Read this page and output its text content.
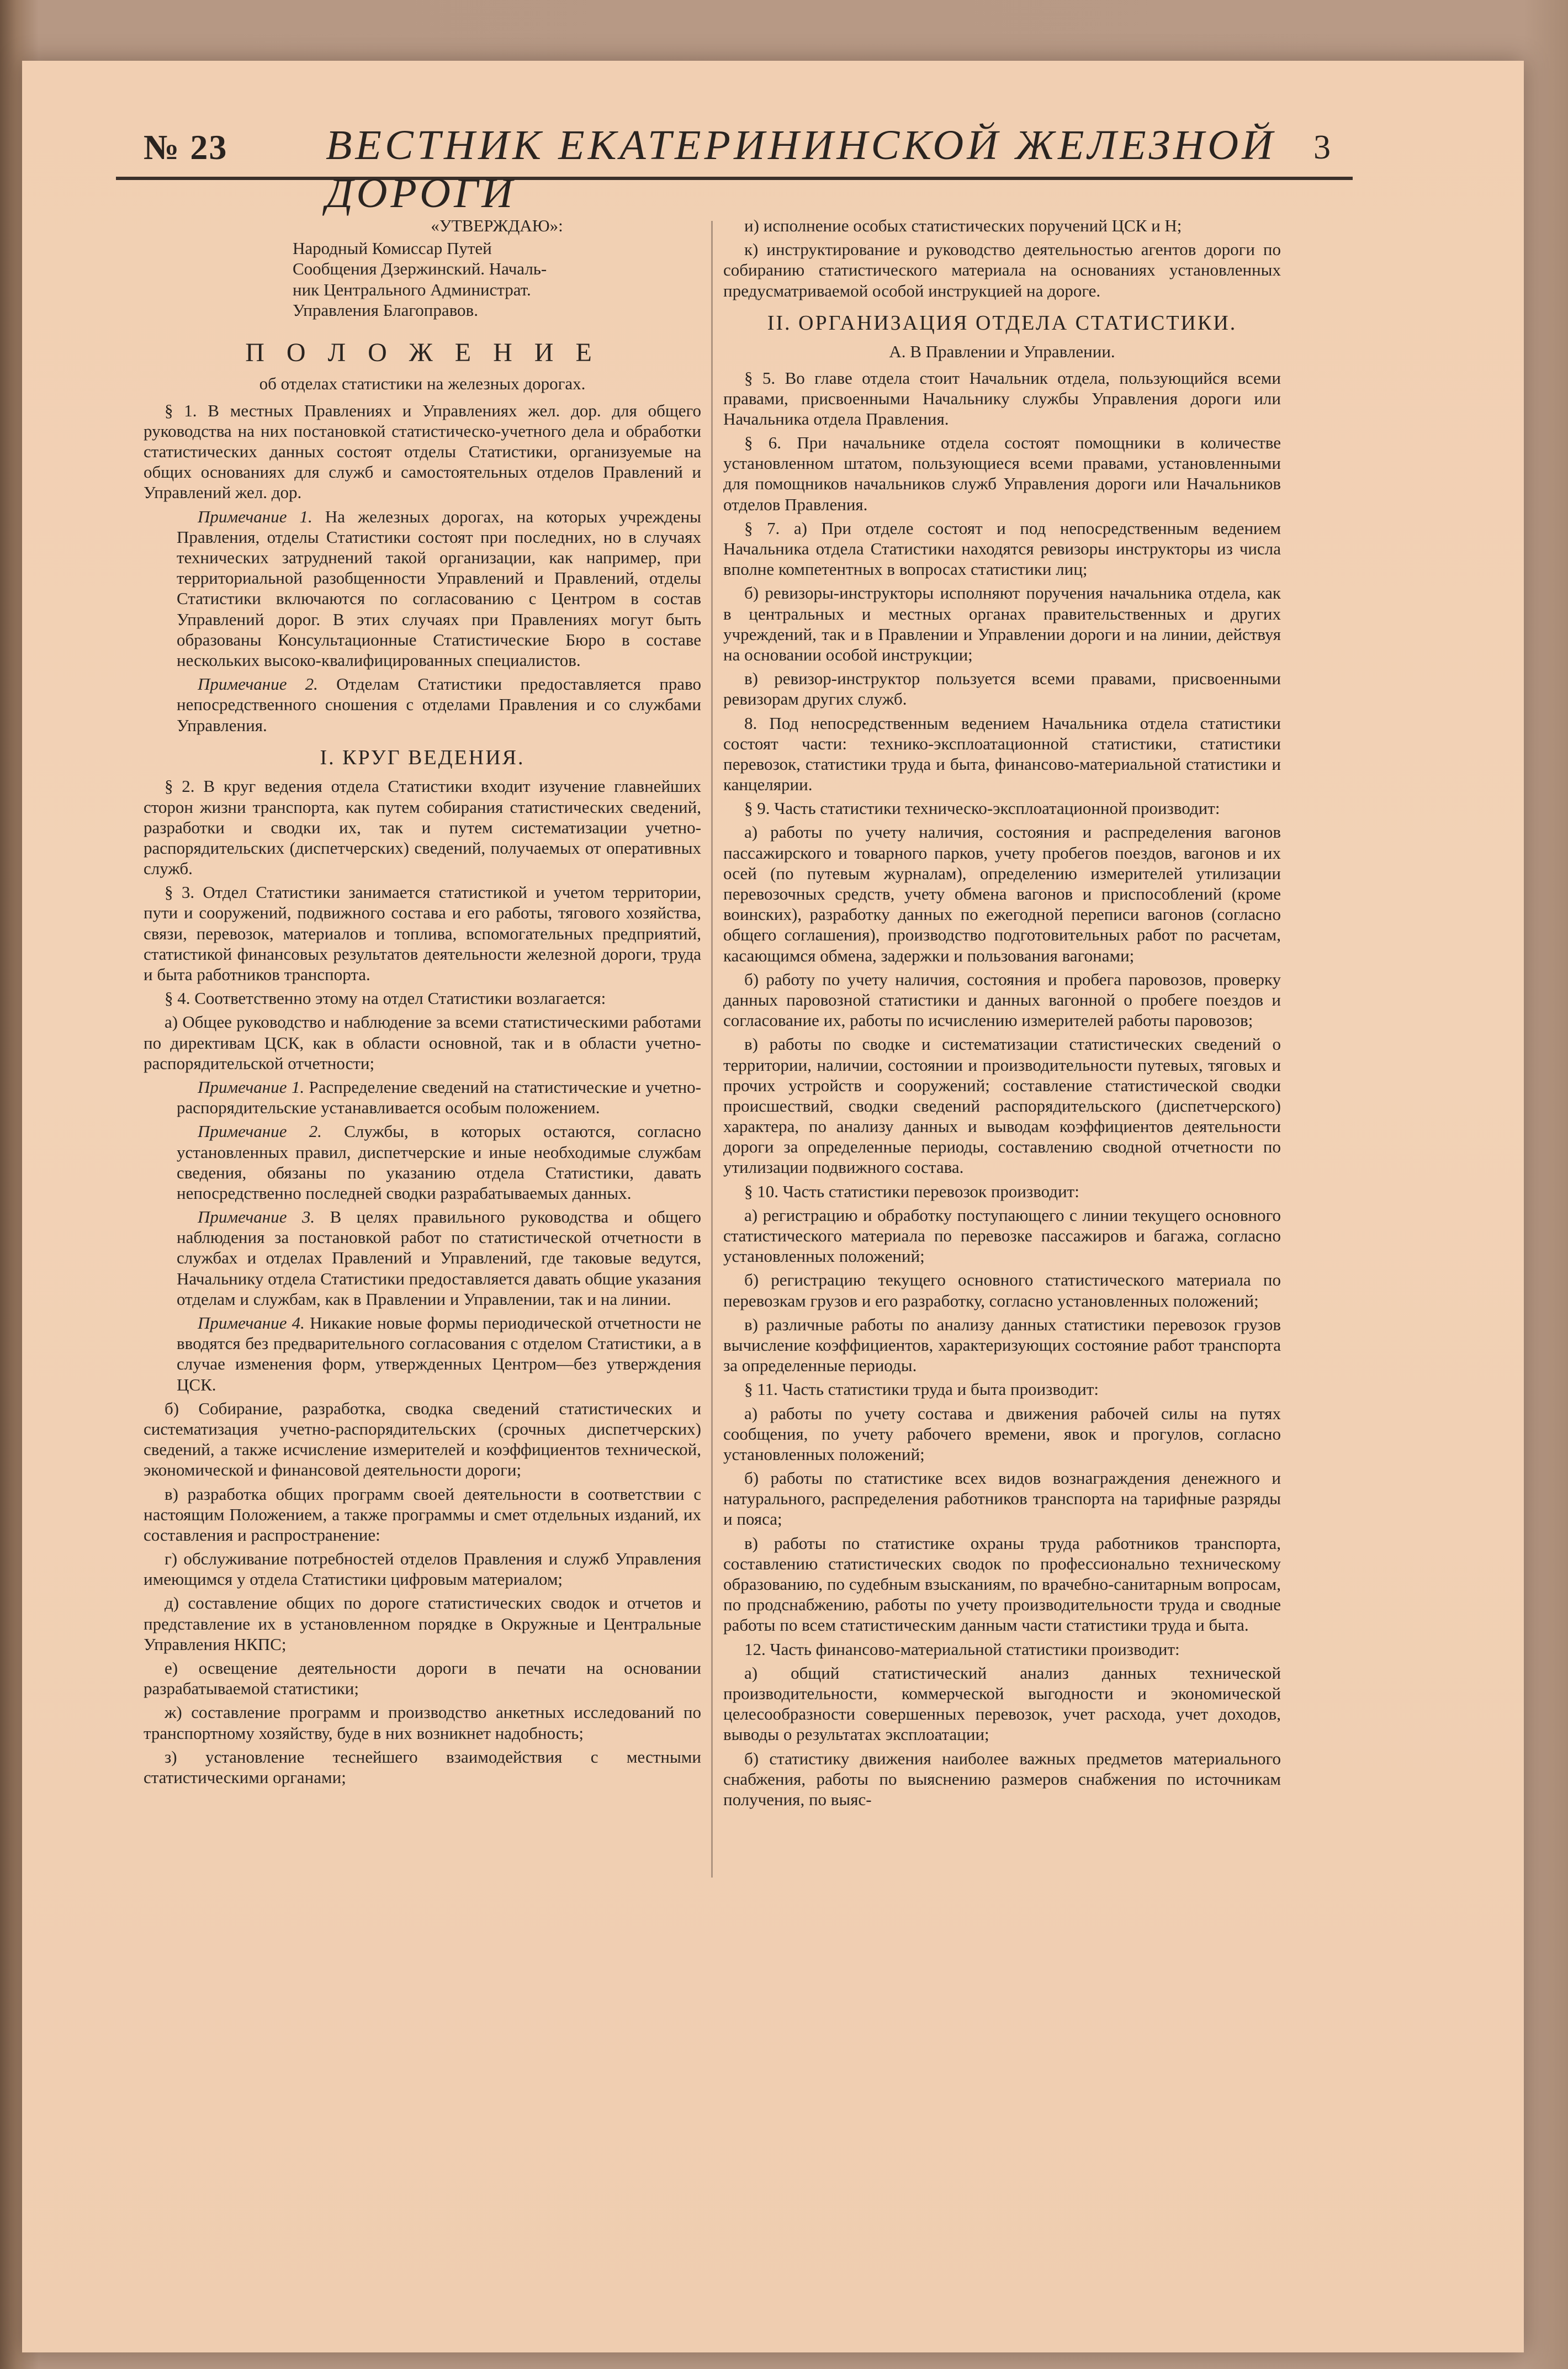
№ 23 ВЕСТНИК ЕКАТЕРИНИНСКОЙ ЖЕЛЕЗНОЙ ДОРОГИ
3
«УТВЕРЖДАЮ»:
Народный Комиссар Путей
Сообщения Дзержинский. Началь-
ник Центрального Администрат.
Управления Благоправов.
П О Л О Ж Е Н И Е
об отделах статистики на железных дорогах.

§ 1. В местных Правлениях и Управлениях жел. дор. для общего руководства на них постановкой статистическо-учетного дела и обработки статистических данных состоят отделы Статистики, организуемые на общих основаниях для служб и самостоятельных отделов Правлений и Управлений жел. дор.

Примечание 1. На железных дорогах, на которых учреждены Правления, отделы Статистики состоят при последних, но в случаях технических затруднений такой организации, как например, при территориальной разобщенности Управлений и Правлений, отделы Статистики включаются по согласованию с Центром в состав Управлений дорог. В этих случаях при Правлениях могут быть образованы Консультационные Статистические Бюро в составе нескольких высоко-квалифицированных специалистов.

Примечание 2. Отделам Статистики предоставляется право непосредственного сношения с отделами Правления и со службами Управления.

I. КРУГ ВЕДЕНИЯ.

§ 2. В круг ведения отдела Статистики входит изучение главнейших сторон жизни транспорта, как путем собирания статистических сведений, разработки и сводки их, так и путем систематизации учетно-распорядительских (диспетчерских) сведений, получаемых от оперативных служб.

§ 3. Отдел Статистики занимается статистикой и учетом территории, пути и сооружений, подвижного состава и его работы, тягового хозяйства, связи, перевозок, материалов и топлива, вспомогательных предприятий, статистикой финансовых результатов деятельности железной дороги, труда и быта работников транспорта.

§ 4. Соответственно этому на отдел Статистики возлагается:

а) Общее руководство и наблюдение за всеми статистическими работами по директивам ЦСК, как в области основной, так и в области учетно-распорядительской отчетности;

Примечание 1. Распределение сведений на статистические и учетно-распорядительские устанавливается особым положением.

Примечание 2. Службы, в которых остаются, согласно установленных правил, диспетчерские и иные необходимые службам сведения, обязаны по указанию отдела Статистики, давать непосредственно последней сводки разрабатываемых данных.

Примечание 3. В целях правильного руководства и общего наблюдения за постановкой работ по статистической отчетности в службах и отделах Правлений и Управлений, где таковые ведутся, Начальнику отдела Статистики предоставляется давать общие указания отделам и службам, как в Правлении и Управлении, так и на линии.

Примечание 4. Никакие новые формы периодической отчетности не вводятся без предварительного согласования с отделом Статистики, а в случае изменения форм, утвержденных Центром—без утверждения ЦСК.

б) Собирание, разработка, сводка сведений статистических и систематизация учетно-распорядительских (срочных диспетчерских) сведений, а также исчисление измерителей и коэффициентов технической, экономической и финансовой деятельности дороги;

в) разработка общих программ своей деятельности в соответствии с настоящим Положением, а также программы и смет отдельных изданий, их составления и распространение:

г) обслуживание потребностей отделов Правления и служб Управления имеющимся у отдела Статистики цифровым материалом;

д) составление общих по дороге статистических сводок и отчетов и представление их в установленном порядке в Окружные и Центральные Управления НКПС;

е) освещение деятельности дороги в печати на основании разрабатываемой статистики;

ж) составление программ и производство анкетных исследований по транспортному хозяйству, буде в них возникнет надобность;

з) установление теснейшего взаимодействия с местными статистическими органами;

и) исполнение особых статистических поручений ЦСК и Н;

к) инструктирование и руководство деятельностью агентов дороги по собиранию статистического материала на основаниях установленных предусматриваемой особой инструкцией на дороге.

II. ОРГАНИЗАЦИЯ ОТДЕЛА СТАТИСТИКИ.
А. В Правлении и Управлении.

§ 5. Во главе отдела стоит Начальник отдела, пользующийся всеми правами, присвоенными Начальнику службы Управления дороги или Начальника отдела Правления.

§ 6. При начальнике отдела состоят помощники в количестве установленном штатом, пользующиеся всеми правами, установленными для помощников начальников служб Управления дороги или Начальников отделов Правления.

§ 7. а) При отделе состоят и под непосредственным ведением Начальника отдела Статистики находятся ревизоры инструкторы из числа вполне компетентных в вопросах статистики лиц;

б) ревизоры-инструкторы исполняют поручения начальника отдела, как в центральных и местных органах правительственных и других учреждений, так и в Правлении и Управлении дороги и на линии, действуя на основании особой инструкции;

в) ревизор-инструктор пользуется всеми правами, присвоенными ревизорам других служб.

8. Под непосредственным ведением Начальника отдела статистики состоят части: технико-эксплоатационной статистики, статистики перевозок, статистики труда и быта, финансово-материальной статистики и канцелярии.

§ 9. Часть статистики техническо-эксплоатационной производит:

а) работы по учету наличия, состояния и распределения вагонов пассажирского и товарного парков, учету пробегов поездов, вагонов и их осей (по путевым журналам), определению измерителей утилизации перевозочных средств, учету обмена вагонов и приспособлений (кроме воинских), разработку данных по ежегодной переписи вагонов (согласно общего соглашения), производство подготовительных работ по расчетам, касающимся обмена, задержки и пользования вагонами;

б) работу по учету наличия, состояния и пробега паровозов, проверку данных паровозной статистики и данных вагонной о пробеге поездов и согласование их, работы по исчислению измерителей работы паровозов;

в) работы по сводке и систематизации статистических сведений о территории, наличии, состоянии и производительности путевых, тяговых и прочих устройств и сооружений; составление статистической сводки происшествий, сводки сведений распорядительского (диспетчерского) характера, по анализу данных и выводам коэффициентов деятельности дороги за определенные периоды, составлению сводной отчетности по утилизации подвижного состава.

§ 10. Часть статистики перевозок производит:

а) регистрацию и обработку поступающего с линии текущего основного статистического материала по перевозке пассажиров и багажа, согласно установленных положений;

б) регистрацию текущего основного статистического материала по перевозкам грузов и его разработку, согласно установленных положений;

в) различные работы по анализу данных статистики перевозок грузов вычисление коэффициентов, характеризующих состояние работ транспорта за определенные периоды.

§ 11. Часть статистики труда и быта производит:

а) работы по учету состава и движения рабочей силы на путях сообщения, по учету рабочего времени, явок и прогулов, согласно установленных положений;

б) работы по статистике всех видов вознаграждения денежного и натурального, распределения работников транспорта на тарифные разряды и пояса;

в) работы по статистике охраны труда работников транспорта, составлению статистических сводок по профессионально техническому образованию, по судебным взысканиям, по врачебно-санитарным вопросам, по продснабжению, работы по учету производительности труда и сводные работы по всем статистическим данным части статистики труда и быта.

12. Часть финансово-материальной статистики производит:

а) общий статистический анализ данных технической производительности, коммерческой выгодности и экономической целесообразности совершенных перевозок, учет расхода, учет доходов, выводы о результатах эксплоатации;

б) статистику движения наиболее важных предметов материального снабжения, работы по выяснению размеров снабжения по источникам получения, по выяс-
